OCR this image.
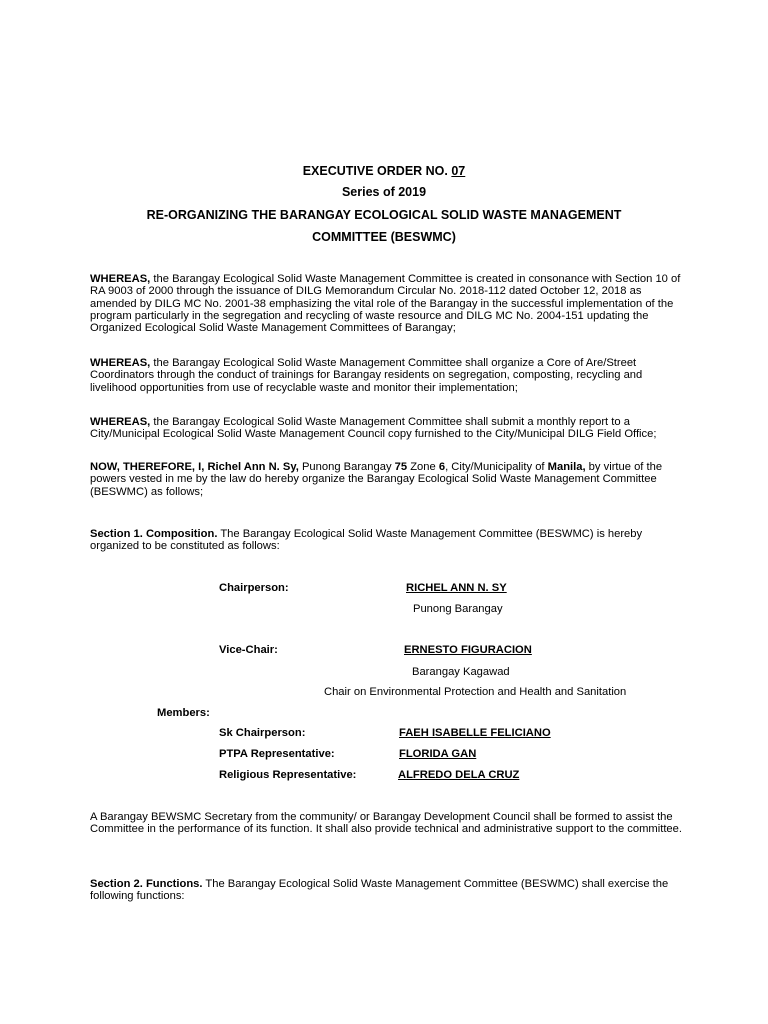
EXECUTIVE ORDER NO. 07
Series of 2019
RE-ORGANIZING THE BARANGAY ECOLOGICAL SOLID WASTE MANAGEMENT
COMMITTEE (BESWMC)
WHEREAS, the Barangay Ecological Solid Waste Management Committee is created in consonance with Section 10 of RA 9003 of 2000 through the issuance of DILG Memorandum Circular No. 2018-112 dated October 12, 2018 as amended by DILG MC No. 2001-38 emphasizing the vital role of the Barangay in the successful implementation of the program particularly in the segregation and recycling of waste resource and DILG MC No. 2004-151 updating the Organized Ecological Solid Waste Management Committees of Barangay;
WHEREAS, the Barangay Ecological Solid Waste Management Committee shall organize a Core of Are/Street Coordinators through the conduct of trainings for Barangay residents on segregation, composting, recycling and livelihood opportunities from use of recyclable waste and monitor their implementation;
WHEREAS, the Barangay Ecological Solid Waste Management Committee shall submit a monthly report to a City/Municipal Ecological Solid Waste Management Council copy furnished to the City/Municipal DILG Field Office;
NOW, THEREFORE, I, Richel Ann N. Sy, Punong Barangay 75 Zone 6, City/Municipality of Manila, by virtue of the powers vested in me by the law do hereby organize the Barangay Ecological Solid Waste Management Committee (BESWMC) as follows;
Section 1. Composition. The Barangay Ecological Solid Waste Management Committee (BESWMC) is hereby organized to be constituted as follows:
Chairperson:	RICHEL ANN N. SY
Punong Barangay
Vice-Chair:	ERNESTO FIGURACION
Barangay Kagawad
Chair on Environmental Protection and Health and Sanitation
Members:
Sk Chairperson:	FAEH ISABELLE FELICIANO
PTPA Representative:	FLORIDA GAN
Religious Representative:	ALFREDO DELA CRUZ
A Barangay BEWSMC Secretary from the community/ or Barangay Development Council shall be formed to assist the Committee in the performance of its function. It shall also provide technical and administrative support to the committee.
Section 2. Functions. The Barangay Ecological Solid Waste Management Committee (BESWMC) shall exercise the following functions:
